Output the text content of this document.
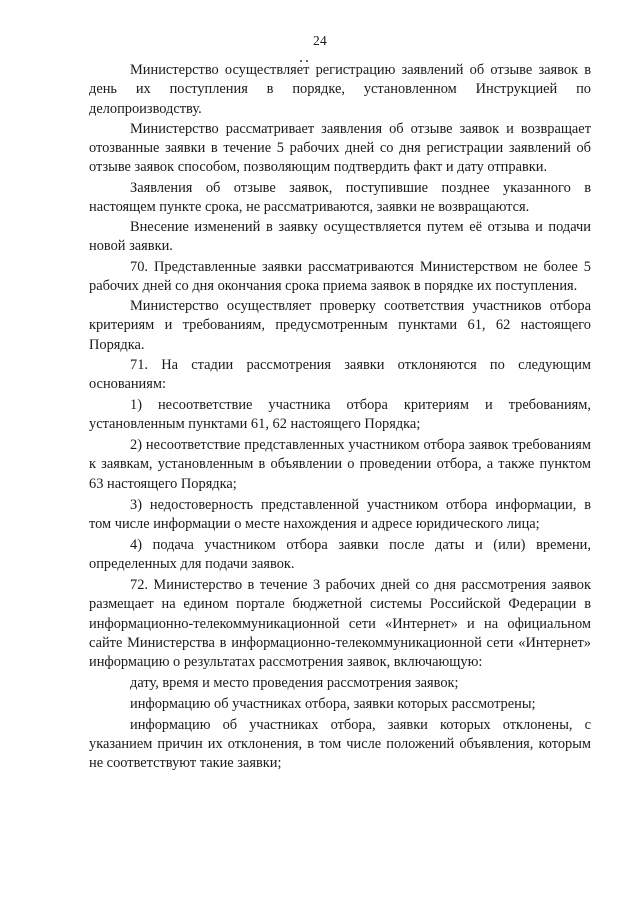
24

Министерство осуществляет регистрацию заявлений об отзыве заявок в день их поступления в порядке, установленном Инструкцией по делопроизводству.

Министерство рассматривает заявления об отзыве заявок и возвращает отозванные заявки в течение 5 рабочих дней со дня регистрации заявлений об отзыве заявок способом, позволяющим подтвердить факт и дату отправки.

Заявления об отзыве заявок, поступившие позднее указанного в настоящем пункте срока, не рассматриваются, заявки не возвращаются.

Внесение изменений в заявку осуществляется путем её отзыва и подачи новой заявки.

70. Представленные заявки рассматриваются Министерством не более 5 рабочих дней со дня окончания срока приема заявок в порядке их поступления.

Министерство осуществляет проверку соответствия участников отбора критериям и требованиям, предусмотренным пунктами 61, 62 настоящего Порядка.

71. На стадии рассмотрения заявки отклоняются по следующим основаниям:

1) несоответствие участника отбора критериям и требованиям, установленным пунктами 61, 62 настоящего Порядка;

2) несоответствие представленных участником отбора заявок требованиям к заявкам, установленным в объявлении о проведении отбора, а также пунктом 63 настоящего Порядка;

3) недостоверность представленной участником отбора информации, в том числе информации о месте нахождения и адресе юридического лица;

4) подача участником отбора заявки после даты и (или) времени, определенных для подачи заявок.

72. Министерство в течение 3 рабочих дней со дня рассмотрения заявок размещает на едином портале бюджетной системы Российской Федерации в информационно-телекоммуникационной сети «Интернет» и на официальном сайте Министерства в информационно-телекоммуникационной сети «Интернет» информацию о результатах рассмотрения заявок, включающую:

дату, время и место проведения рассмотрения заявок;

информацию об участниках отбора, заявки которых рассмотрены;

информацию об участниках отбора, заявки которых отклонены, с указанием причин их отклонения, в том числе положений объявления, которым не соответствуют такие заявки;
